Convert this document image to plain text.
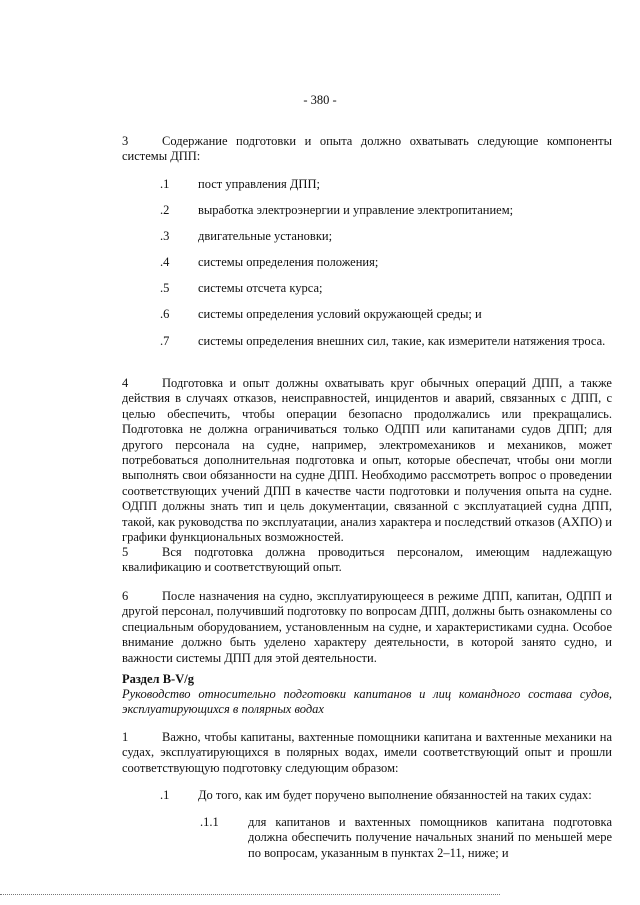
- 380 -
3	Содержание подготовки и опыта должно охватывать следующие компоненты системы ДПП:
.1 пост управления ДПП;
.2 выработка электроэнергии и управление электропитанием;
.3 двигательные установки;
.4 системы определения положения;
.5 системы отсчета курса;
.6 системы определения условий окружающей среды; и
.7 системы определения внешних сил, такие, как измерители натяжения троса.
4	Подготовка и опыт должны охватывать круг обычных операций ДПП, а также действия в случаях отказов, неисправностей, инцидентов и аварий, связанных с ДПП, с целью обеспечить, чтобы операции безопасно продолжались или прекращались. Подготовка не должна ограничиваться только ОДПП или капитанами судов ДПП; для другого персонала на судне, например, электромехаников и механиков, может потребоваться дополнительная подготовка и опыт, которые обеспечат, чтобы они могли выполнять свои обязанности на судне ДПП. Необходимо рассмотреть вопрос о проведении соответствующих учений ДПП в качестве части подготовки и получения опыта на судне. ОДПП должны знать тип и цель документации, связанной с эксплуатацией судна ДПП, такой, как руководства по эксплуатации, анализ характера и последствий отказов (АХПО) и графики функциональных возможностей.
5	Вся подготовка должна проводиться персоналом, имеющим надлежащую квалификацию и соответствующий опыт.
6	После назначения на судно, эксплуатирующееся в режиме ДПП, капитан, ОДПП и другой персонал, получивший подготовку по вопросам ДПП, должны быть ознакомлены со специальным оборудованием, установленным на судне, и характеристиками судна. Особое внимание должно быть уделено характеру деятельности, в которой занято судно, и важности системы ДПП для этой деятельности.
Раздел B-V/g
Руководство относительно подготовки капитанов и лиц командного состава судов, эксплуатирующихся в полярных водах
1	Важно, чтобы капитаны, вахтенные помощники капитана и вахтенные механики на судах, эксплуатирующихся в полярных водах, имели соответствующий опыт и прошли соответствующую подготовку следующим образом:
.1 До того, как им будет поручено выполнение обязанностей на таких судах:
.1.1 для капитанов и вахтенных помощников капитана подготовка должна обеспечить получение начальных знаний по меньшей мере по вопросам, указанным в пунктах 2–11, ниже; и
